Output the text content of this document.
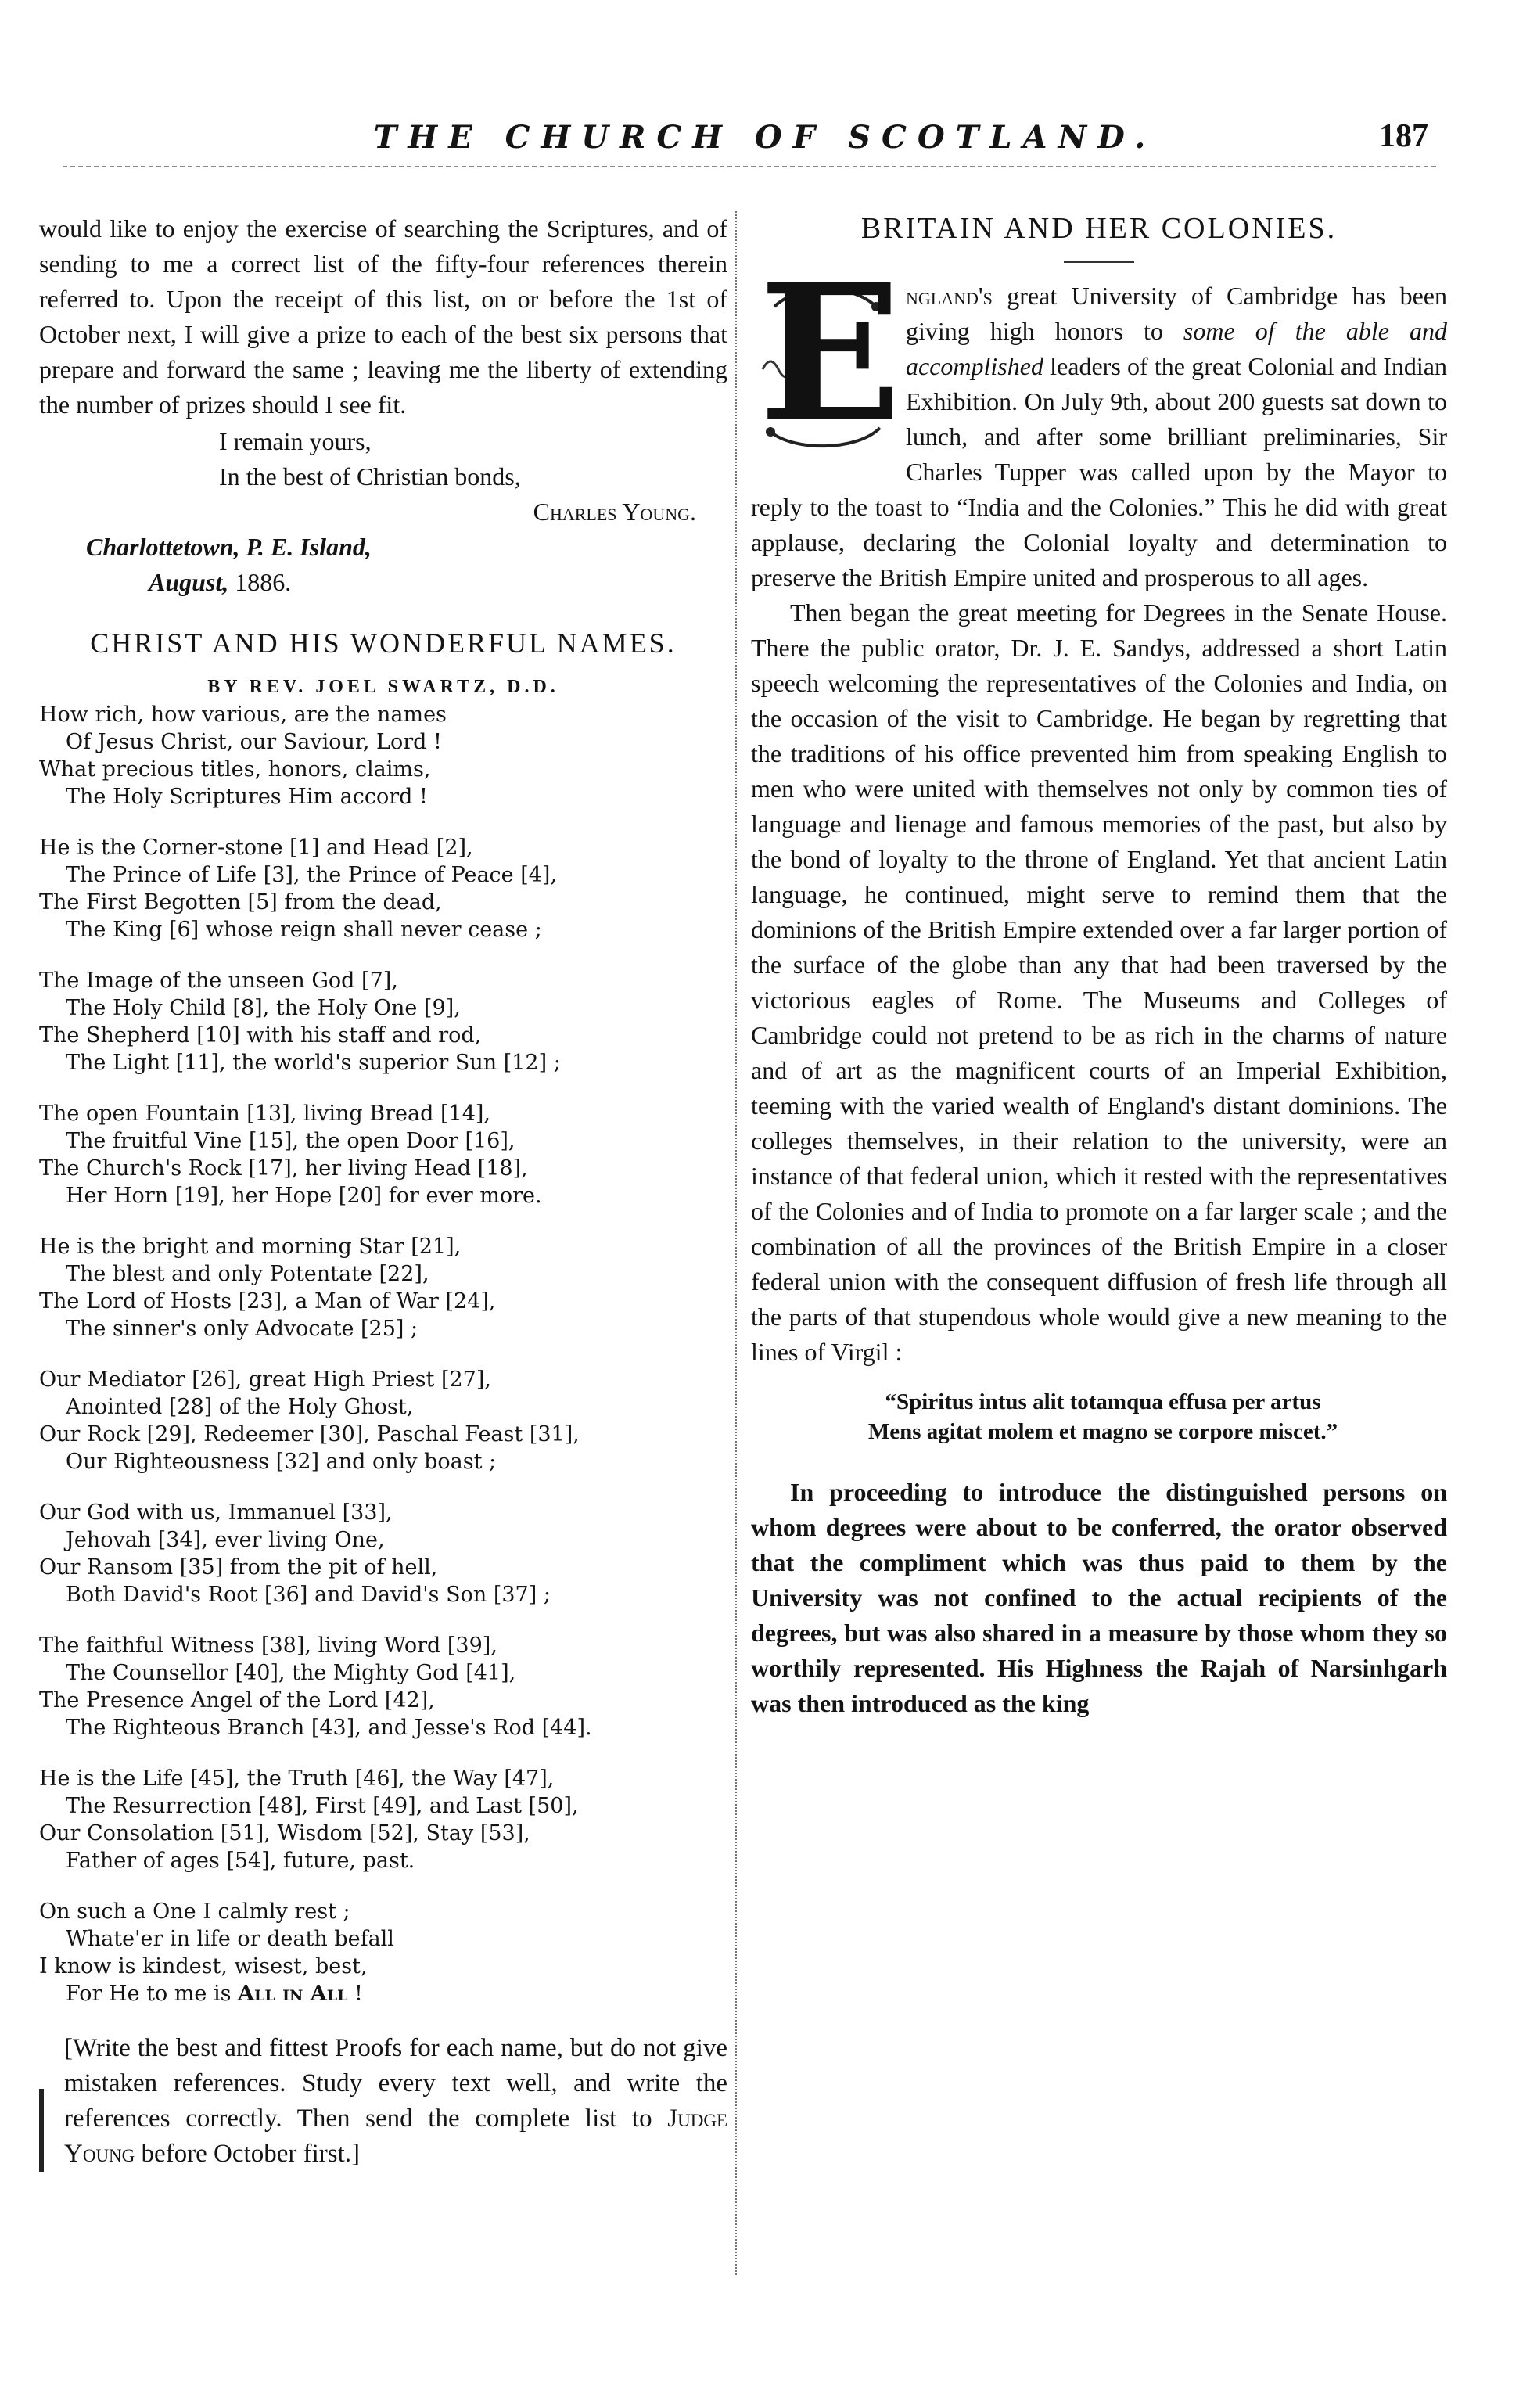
THE CHURCH OF SCOTLAND.	187

would like to enjoy the exercise of searching the Scriptures, and of sending to me a correct list of the fifty-four references therein referred to. Upon the receipt of this list, on or before the 1st of October next, I will give a prize to each of the best six persons that prepare and forward the same ; leaving me the liberty of extending the number of prizes should I see fit.

I remain yours,
In the best of Christian bonds,
Charles Young.
Charlottetown, P. E. Island,
August, 1886.
CHRIST AND HIS WONDERFUL NAMES.
BY REV. JOEL SWARTZ, D.D.
How rich, how various, are the names
Of Jesus Christ, our Saviour, Lord !
What precious titles, honors, claims,
The Holy Scriptures Him accord !
He is the Corner-stone [1] and Head [2],
The Prince of Life [3], the Prince of Peace [4],
The First Begotten [5] from the dead,
The King [6] whose reign shall never cease ;
The Image of the unseen God [7],
The Holy Child [8], the Holy One [9],
The Shepherd [10] with his staff and rod,
The Light [11], the world's superior Sun [12] ;
The open Fountain [13], living Bread [14],
The fruitful Vine [15], the open Door [16],
The Church's Rock [17], her living Head [18],
Her Horn [19], her Hope [20] for ever more.
He is the bright and morning Star [21],
The blest and only Potentate [22],
The Lord of Hosts [23], a Man of War [24],
The sinner's only Advocate [25] ;
Our Mediator [26], great High Priest [27],
Anointed [28] of the Holy Ghost,
Our Rock [29], Redeemer [30], Paschal Feast [31],
Our Righteousness [32] and only boast ;
Our God with us, Immanuel [33],
Jehovah [34], ever living One,
Our Ransom [35] from the pit of hell,
Both David's Root [36] and David's Son [37] ;
The faithful Witness [38], living Word [39],
The Counsellor [40], the Mighty God [41],
The Presence Angel of the Lord [42],
The Righteous Branch [43], and Jesse's Rod [44].
He is the Life [45], the Truth [46], the Way [47],
The Resurrection [48], First [49], and Last [50],
Our Consolation [51], Wisdom [52], Stay [53],
Father of ages [54], future, past.
On such a One I calmly rest ;
Whate'er in life or death befall
I know is kindest, wisest, best,
For He to me is All in All !
[Write the best and fittest Proofs for each name, but do not give mistaken references. Study every text well, and write the references correctly. Then send the complete list to Judge Young before October first.]
BRITAIN AND HER COLONIES.

E ngland's great University of Cambridge has been giving high honors to some of the able and accomplished leaders of the great Colonial and Indian Exhibition. On July 9th, about 200 guests sat down to lunch, and after some brilliant preliminaries, Sir Charles Tupper was called upon by the Mayor to reply to the toast to “India and the Colonies.” This he did with great applause, declaring the Colonial loyalty and determination to preserve the British Empire united and prosperous to all ages.

Then began the great meeting for Degrees in the Senate House. There the public orator, Dr. J. E. Sandys, addressed a short Latin speech welcoming the representatives of the Colonies and India, on the occasion of the visit to Cambridge. He began by regretting that the traditions of his office prevented him from speaking English to men who were united with themselves not only by common ties of language and lienage and famous memories of the past, but also by the bond of loyalty to the throne of England. Yet that ancient Latin language, he continued, might serve to remind them that the dominions of the British Empire extended over a far larger portion of the surface of the globe than any that had been traversed by the victorious eagles of Rome. The Museums and Colleges of Cambridge could not pretend to be as rich in the charms of nature and of art as the magnificent courts of an Imperial Exhibition, teeming with the varied wealth of England's distant dominions. The colleges themselves, in their relation to the university, were an instance of that federal union, which it rested with the representatives of the Colonies and of India to promote on a far larger scale ; and the combination of all the provinces of the British Empire in a closer federal union with the consequent diffusion of fresh life through all the parts of that stupendous whole would give a new meaning to the lines of Virgil :

“Spiritus intus alit totamqua effusa per artus
Mens agitat molem et magno se corpore miscet.”

In proceeding to introduce the distinguished persons on whom degrees were about to be conferred, the orator observed that the compliment which was thus paid to them by the University was not confined to the actual recipients of the degrees, but was also shared in a measure by those whom they so worthily represented. His Highness the Rajah of Narsinhgarh was then introduced as the king
